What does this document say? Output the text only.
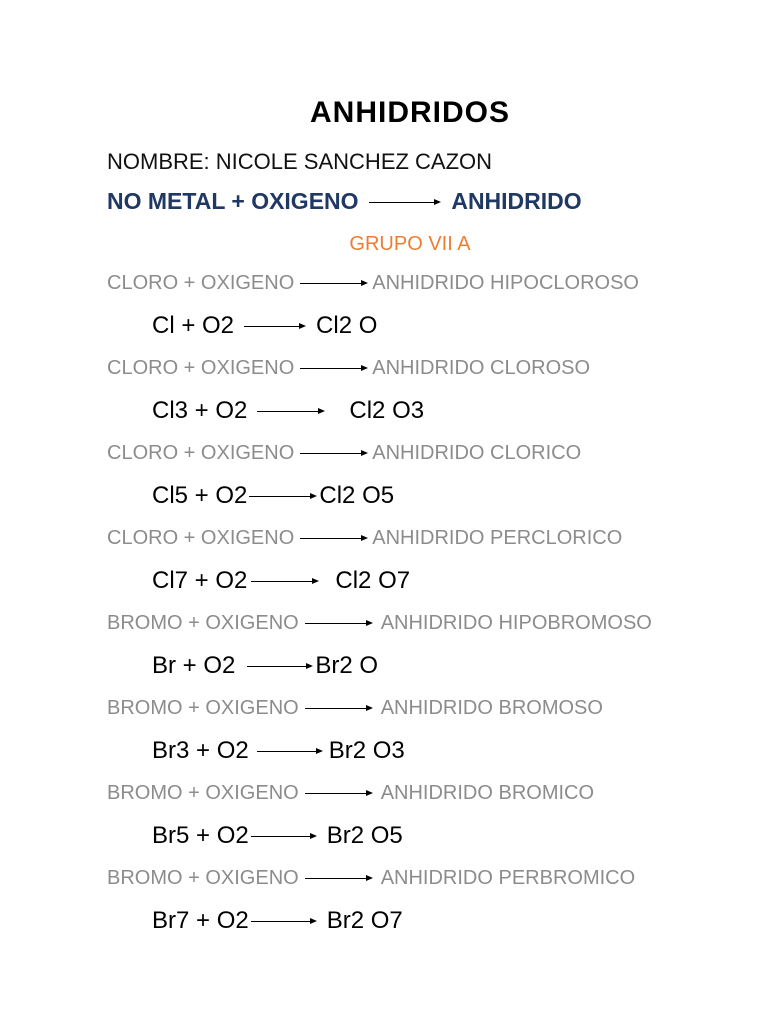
ANHIDRIDOS
NOMBRE: NICOLE SANCHEZ CAZON
NO METAL + OXIGENO	ANHIDRIDO
GRUPO VII A
CLORO + OXIGENO	ANHIDRIDO HIPOCLOROSO
Cl + O2	Cl2 O
CLORO + OXIGENO	ANHIDRIDO CLOROSO
Cl3 + O2	Cl2 O3
CLORO + OXIGENO	ANHIDRIDO CLORICO
Cl5 + O2	Cl2 O5
CLORO + OXIGENO	ANHIDRIDO PERCLORICO
Cl7 + O2	Cl2 O7
BROMO + OXIGENO	ANHIDRIDO HIPOBROMOSO
Br + O2	Br2 O
BROMO + OXIGENO	ANHIDRIDO BROMOSO
Br3 + O2	Br2 O3
BROMO + OXIGENO	ANHIDRIDO BROMICO
Br5 + O2	Br2 O5
BROMO + OXIGENO	ANHIDRIDO PERBROMICO
Br7 + O2	Br2 O7
